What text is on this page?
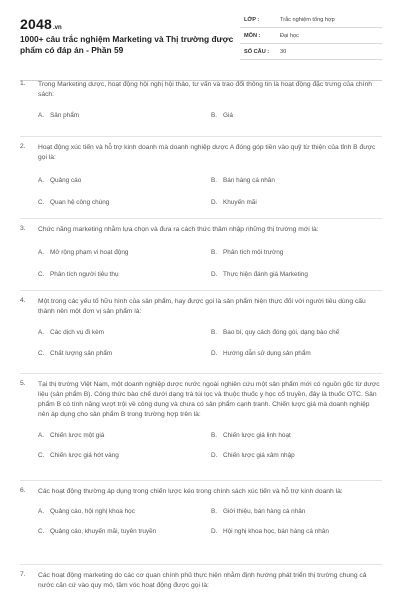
2048 .vn
1000+ câu trắc nghiệm Marketing và Thị trường được phẩm có đáp án - Phần 59
LỚP :	Trắc nghiệm tổng hợp
MÔN :	Đại học
SỐ CÂU :	30
1. Trong Marketing dược, hoạt động hội nghị hội thảo, tư vấn và trao đổi thông tin là hoạt động đặc trưng của chính sách:
A. Sản phẩm	B. Giá
2. Hoạt động xúc tiến và hỗ trợ kinh doanh mà doanh nghiệp dược A đóng góp tiền vào quỹ từ thiện của tỉnh B được gọi là:
A. Quảng cáo	B. Bán hàng cá nhân
C. Quan hệ công chúng	D. Khuyến mãi
3. Chức năng marketing nhằm lựa chọn và đưa ra cách thức thâm nhập những thị trường mới là:
A. Mở rộng phạm vi hoạt động	B. Phân tích môi trường
C. Phân tích người tiêu thụ	D. Thực hiện đánh giá Marketing
4. Một trong các yếu tố hữu hình của sản phẩm, hay được gọi là sản phẩm hiện thực đối với người tiêu dùng cấu thành nên một đơn vị sản phẩm là:
A. Các dịch vụ đi kèm	B. Bao bì, quy cách đóng gói, dạng bào chế
C. Chất lượng sản phẩm	D. Hướng dẫn sử dụng sản phẩm
5. Tại thị trường Việt Nam, một doanh nghiệp dược nước ngoài nghiên cứu một sản phẩm mới có nguồn gốc từ dược liệu (sản phẩm B). Công thức bào chế dưới dạng trà túi lọc và thuộc thuốc y học cổ truyền, đây là thuốc OTC. Sản phẩm B có tính năng vượt trội về công dụng và chưa có sản phẩm cạnh tranh. Chiến lược giá mà doanh nghiệp nên áp dụng cho sản phẩm B trong trường hợp trên là:
A. Chiến lược một giá	B. Chiến lược giá linh hoạt
C. Chiến lược giá hớt váng	D. Chiến lược giá xâm nhập
6. Các hoạt động thường áp dụng trong chiến lược kéo trong chính sách xúc tiến và hỗ trợ kinh doanh là:
A. Quảng cáo, hội nghị khoa học	B. Giới thiệu, bán hàng cá nhân
C. Quảng cáo, khuyến mãi, tuyên truyền	D. Hội nghị khoa học, bán hàng cá nhân
7. Các hoạt động marketing do các cơ quan chính phủ thực hiện nhằm định hướng phát triển thị trường chung cả nước căn cứ vào quy mô, tầm vóc hoạt động được gọi là:
